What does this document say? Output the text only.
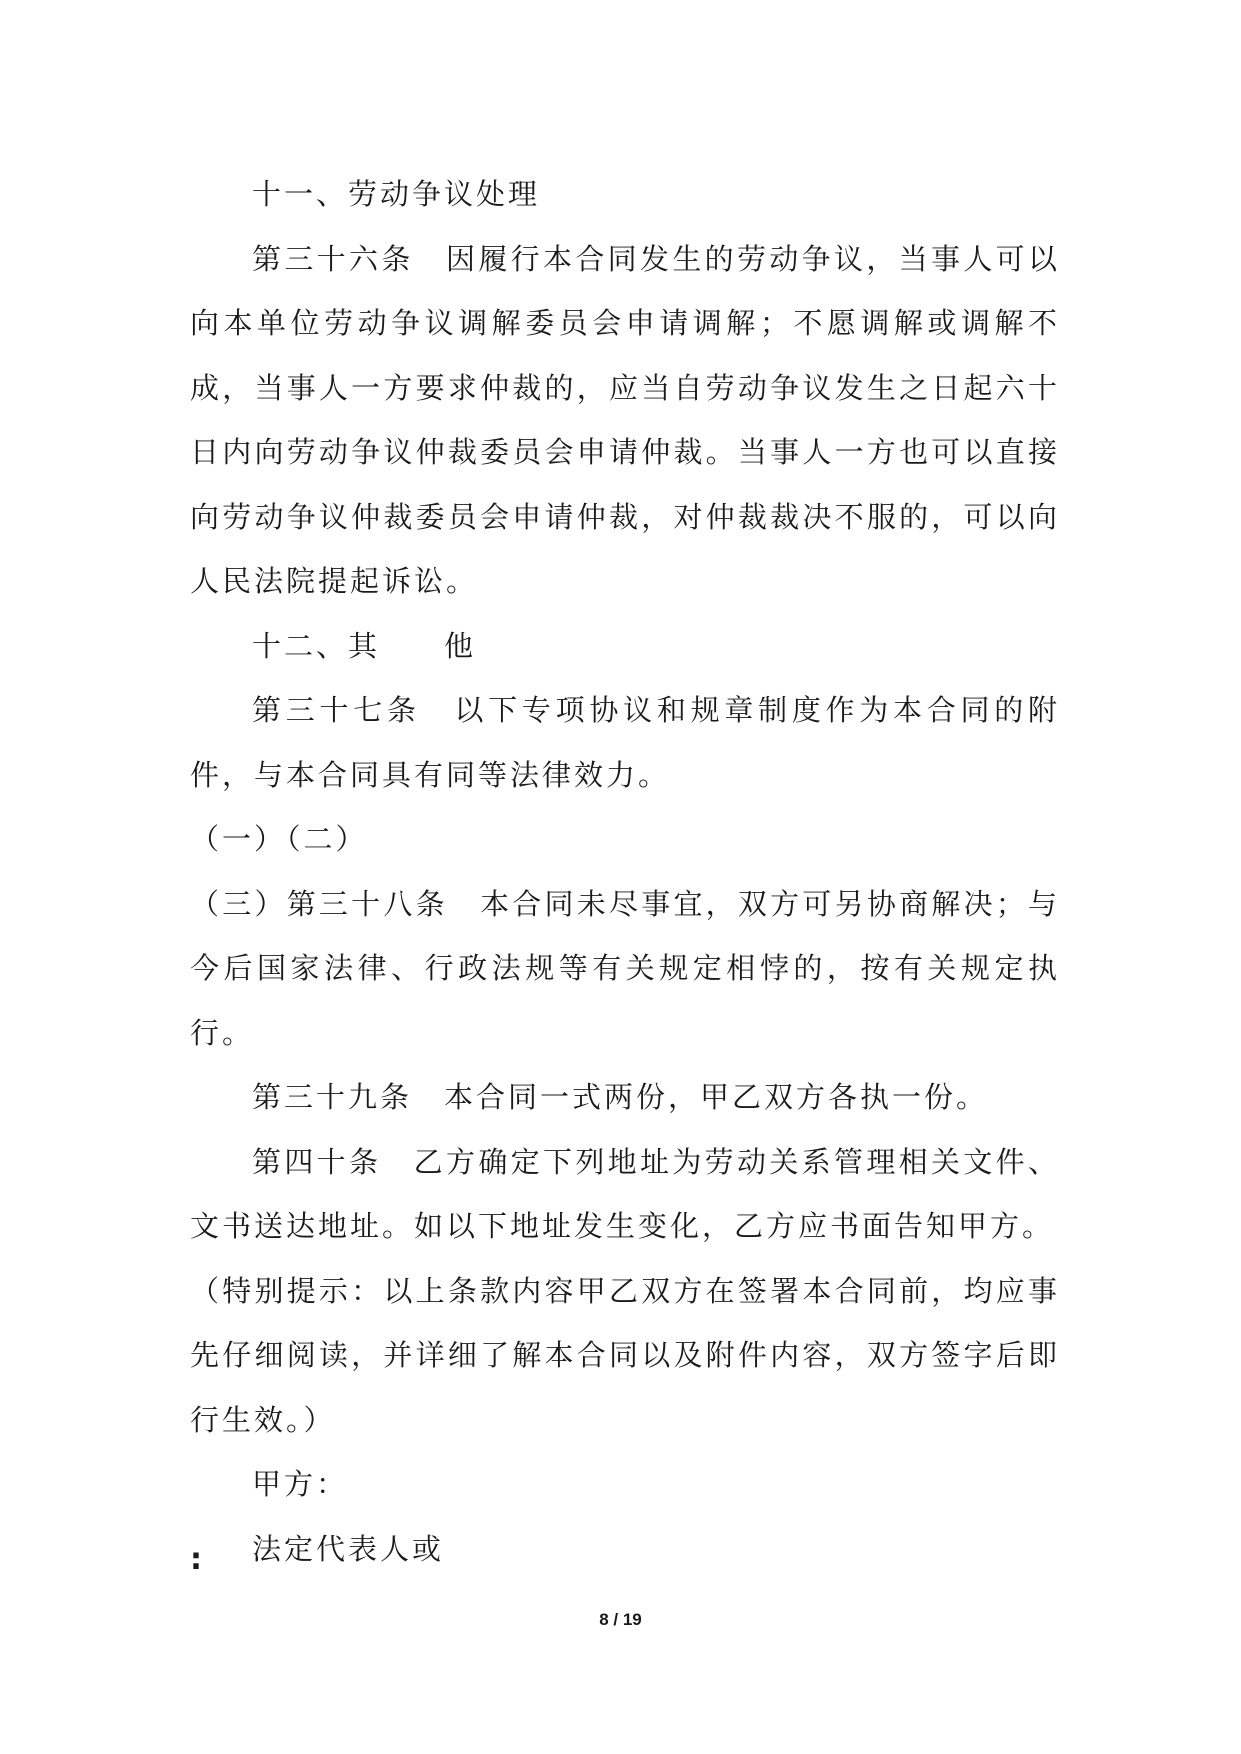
十一、劳动争议处理

第三十六条　因履行本合同发生的劳动争议，当事人可以向本单位劳动争议调解委员会申请调解；不愿调解或调解不成，当事人一方要求仲裁的，应当自劳动争议发生之日起六十日内向劳动争议仲裁委员会申请仲裁。当事人一方也可以直接向劳动争议仲裁委员会申请仲裁，对仲裁裁决不服的，可以向人民法院提起诉讼。

十二、其　　他

第三十七条　以下专项协议和规章制度作为本合同的附件，与本合同具有同等法律效力。

（一）（二）

（三）第三十八条　本合同未尽事宜，双方可另协商解决；与今后国家法律、行政法规等有关规定相悖的，按有关规定执行。

第三十九条　本合同一式两份，甲乙双方各执一份。

第四十条　乙方确定下列地址为劳动关系管理相关文件、文书送达地址。如以下地址发生变化，乙方应书面告知甲方。

（特别提示：以上条款内容甲乙双方在签署本合同前，均应事先仔细阅读，并详细了解本合同以及附件内容，双方签字后即行生效。）

甲方：

法定代表人或

:
8 / 19
